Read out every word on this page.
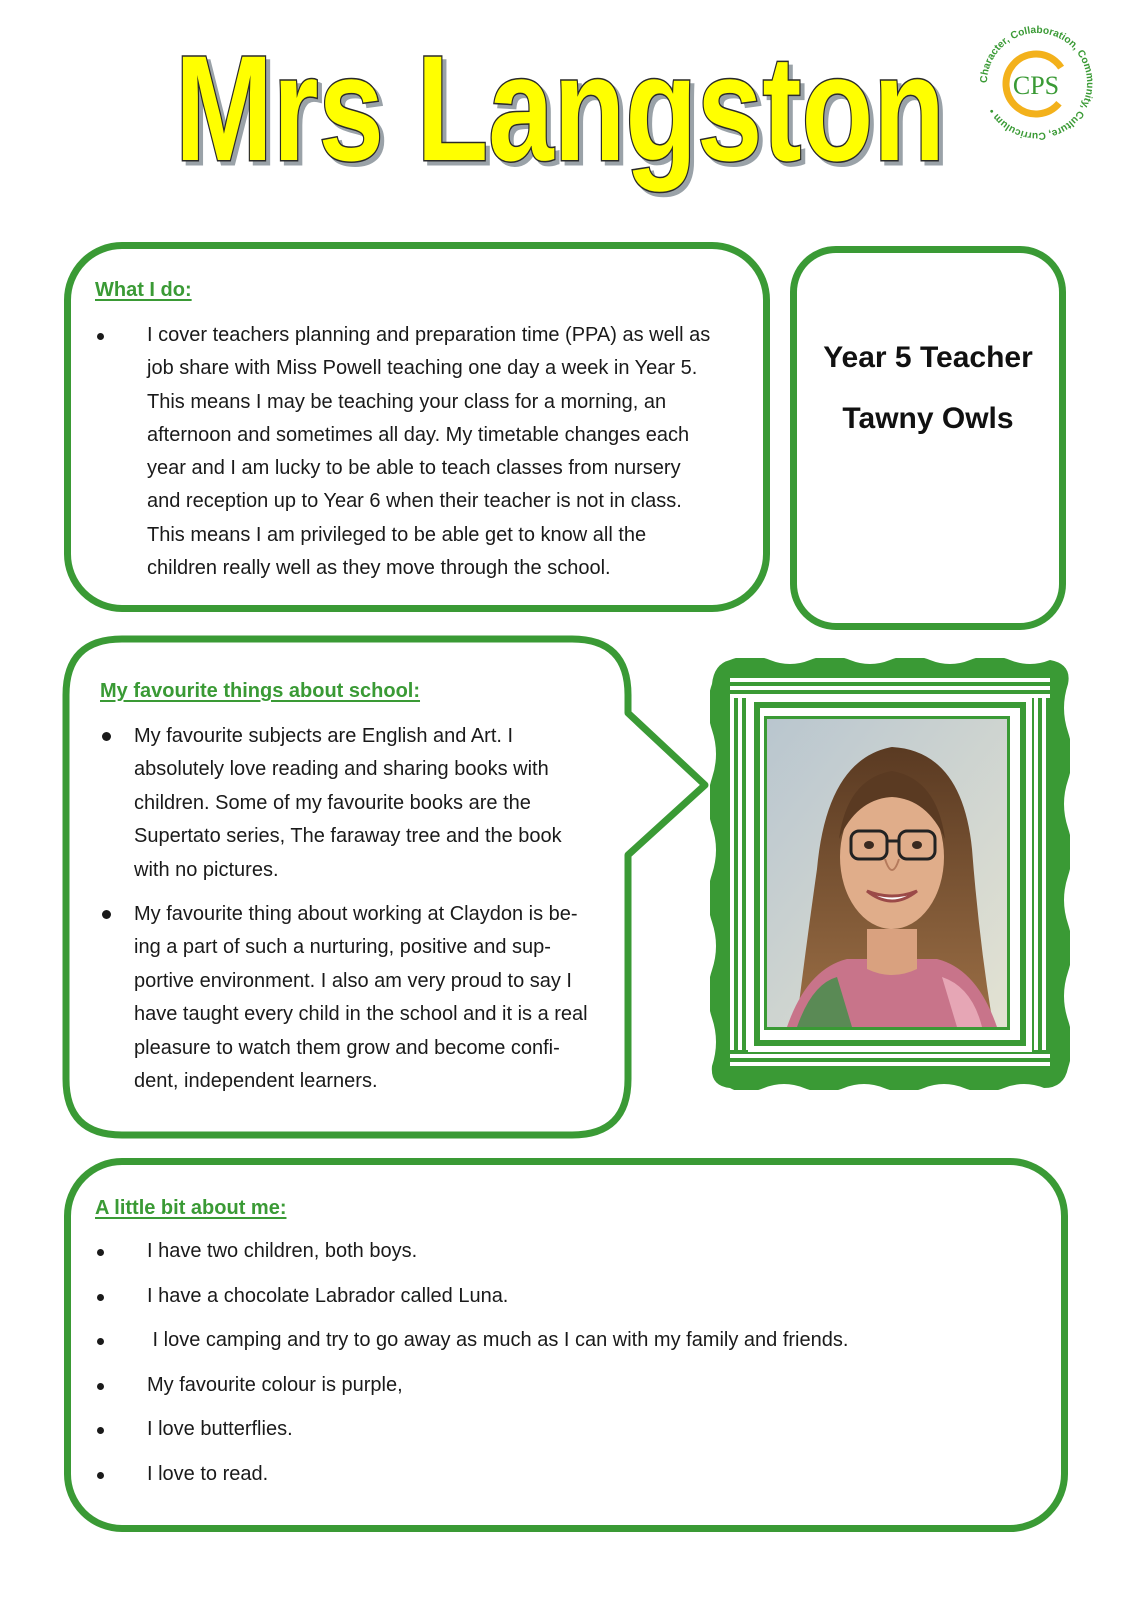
Mrs Langston	Character, Collaboration, Community, Culture, Curriculum •
CPS
What I do:
I cover teachers planning and preparation time (PPA) as well as
job share with Miss Powell teaching one day a week in Year 5.
This means I may be teaching your class for a morning, an
afternoon and sometimes all day. My timetable changes each
year and I am lucky to be able to teach classes from nursery
and reception up to Year 6 when their teacher is not in class.
This means I am privileged to be able get to know all the
children really well as they move through the school.
Year 5 Teacher
Tawny Owls
My favourite things about school:
My favourite subjects are English and Art. I
absolutely love reading and sharing books with
children. Some of my favourite books are the
Supertato series, The faraway tree and the book
with no pictures.
My favourite thing about working at Claydon is be-
ing a part of such a nurturing, positive and sup-
portive environment. I also am very proud to say I
have taught every child in the school and it is a real
pleasure to watch them grow and become confi-
dent, independent learners.
A little bit about me:
I have two children, both boys.
I have a chocolate Labrador called Luna.
I love camping and try to go away as much as I can with my family and friends.
My favourite colour is purple,
I love butterflies.
I love to read.
